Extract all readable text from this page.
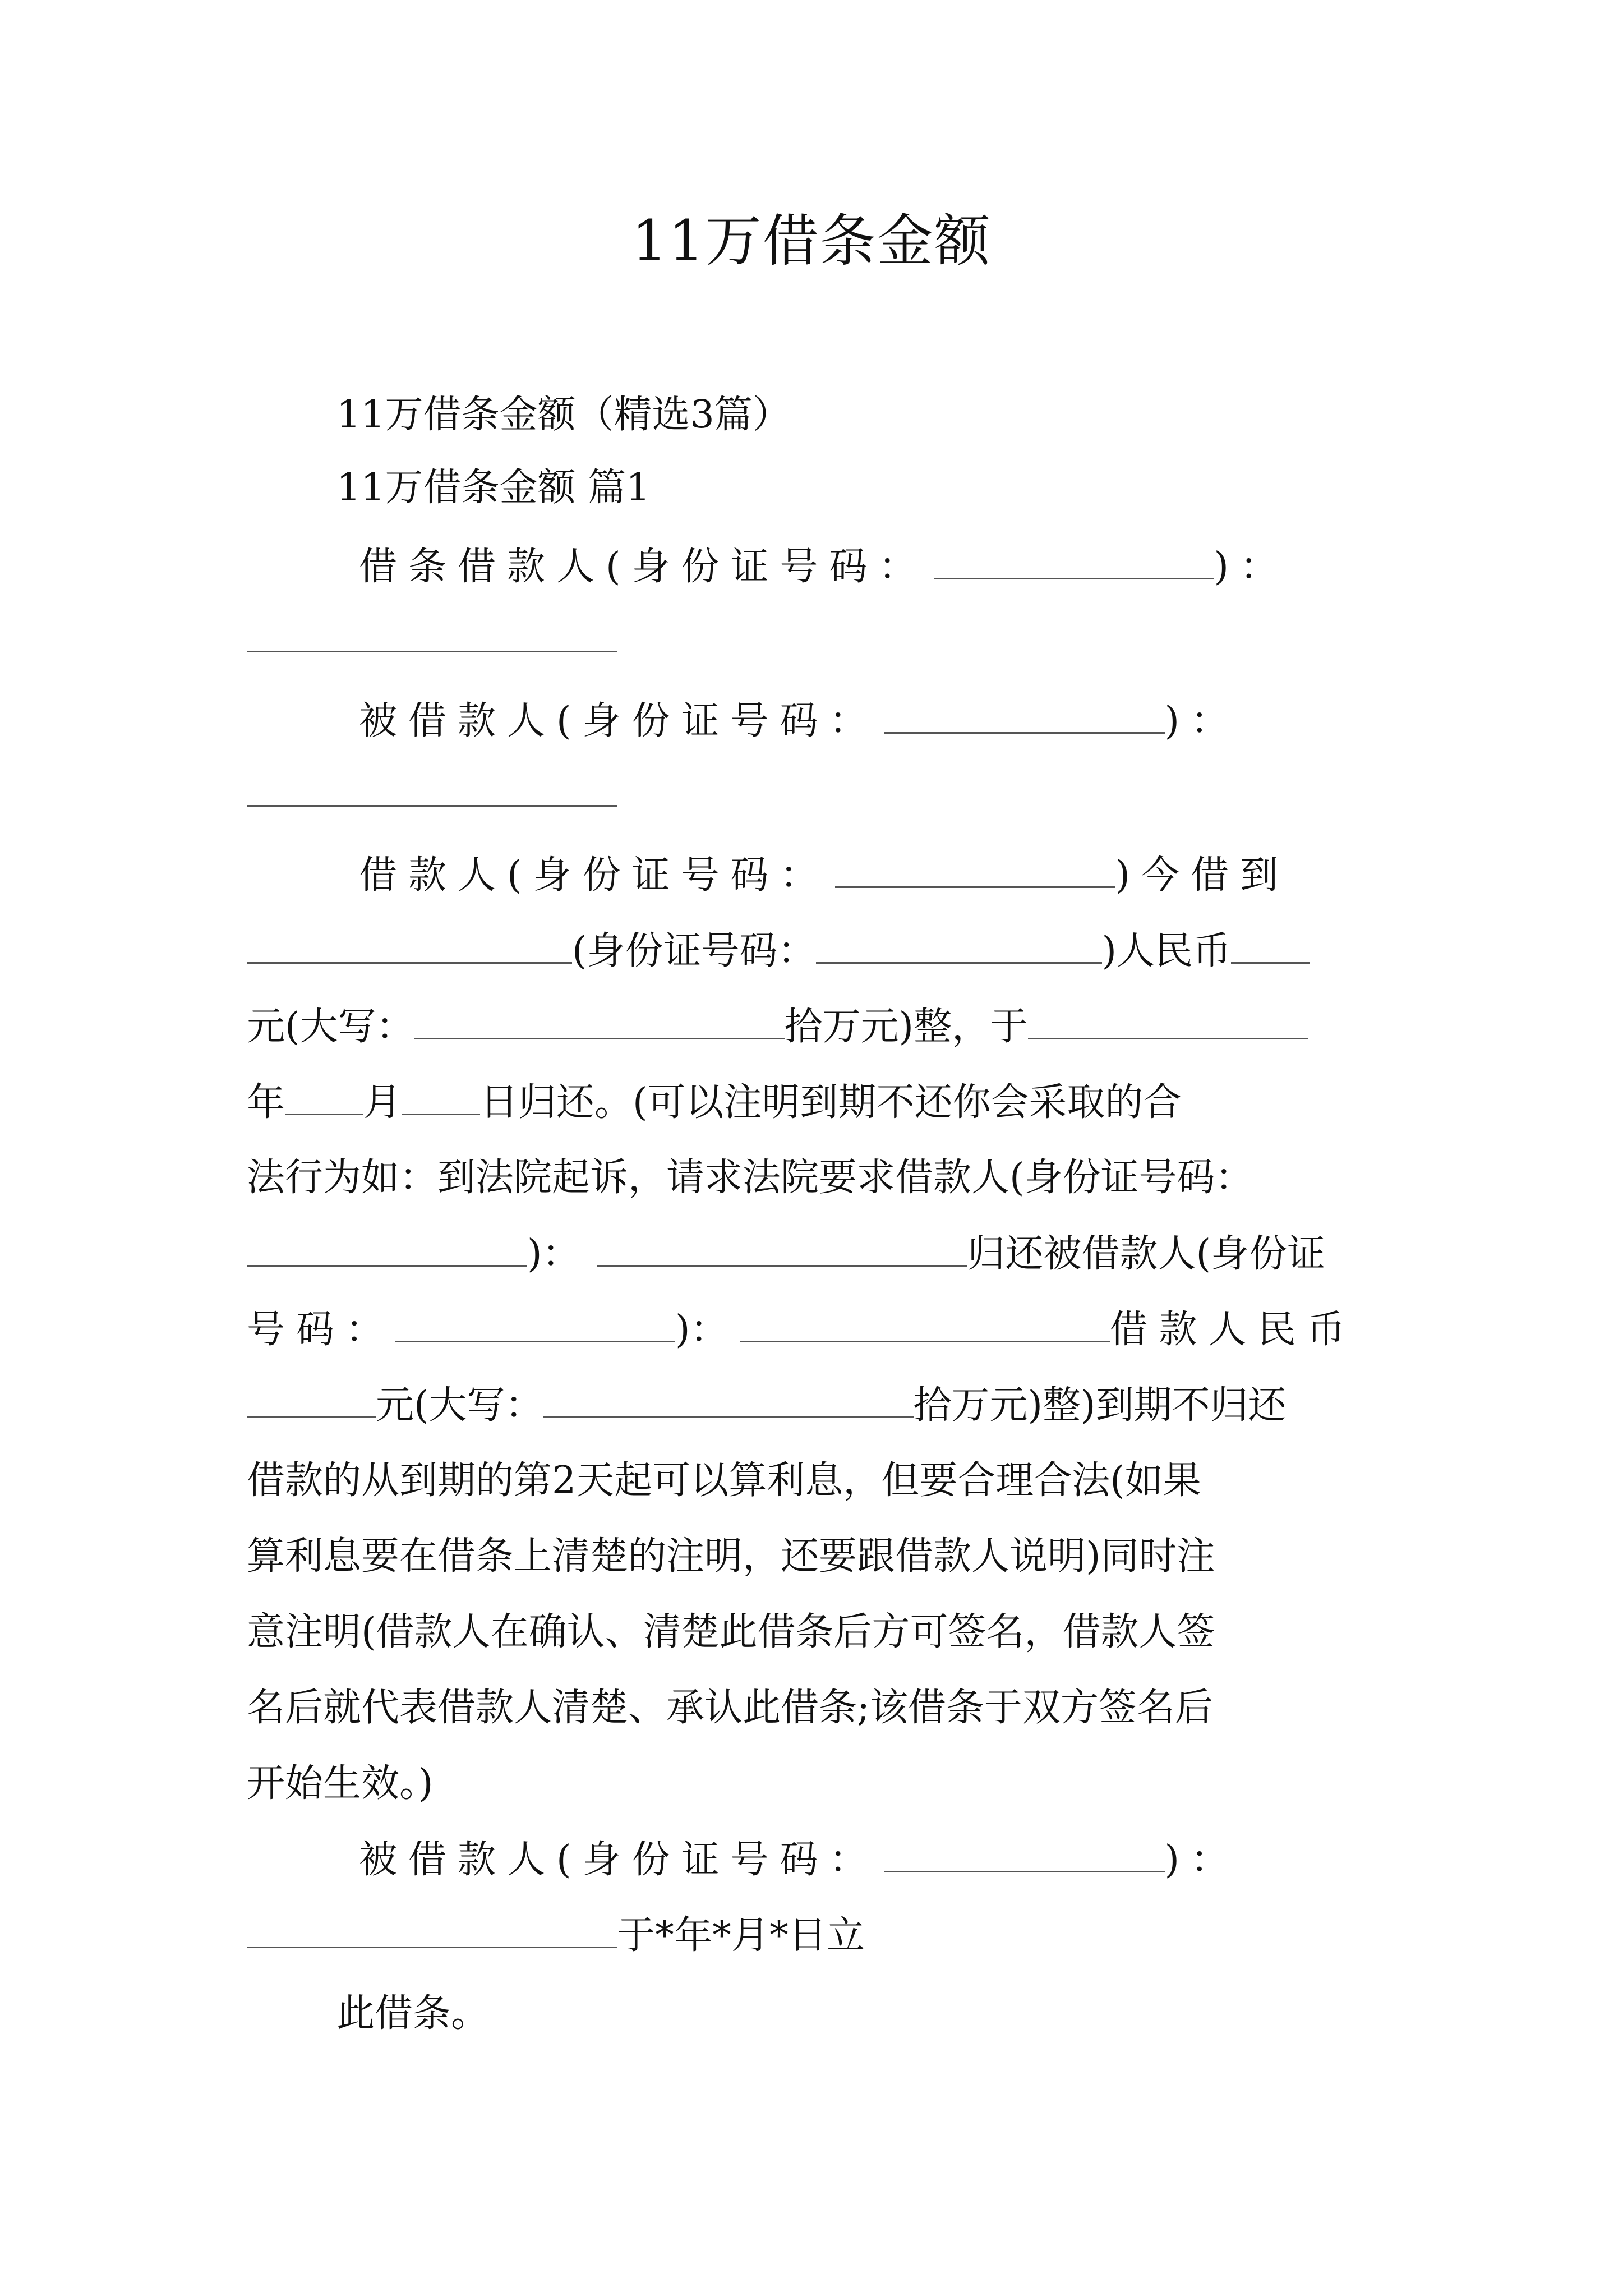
11万借条金额
11万借条金额（精选3篇）
11万借条金额 篇1
借条借款人(身份证号码：	)：
被借款人(身份证号码：	)：
借款人(身份证号码：	)今借到
(身份证号码：	)人民币
元(大写：	拾万元)整，于
年 月 日归还。(可以注明到期不还你会采取的合
法行为如：到法院起诉，请求法院要求借款人(身份证号码：
)：	归还被借款人(身份证
号码：	)：	借款人民币
元(大写：	拾万元)整)到期不归还
借款的从到期的第2天起可以算利息，但要合理合法(如果
算利息要在借条上清楚的注明，还要跟借款人说明)同时注
意注明(借款人在确认、清楚此借条后方可签名，借款人签
名后就代表借款人清楚、承认此借条;该借条于双方签名后
开始生效。)
被借款人(身份证号码：	)：
于*年*月*日立
此借条。
